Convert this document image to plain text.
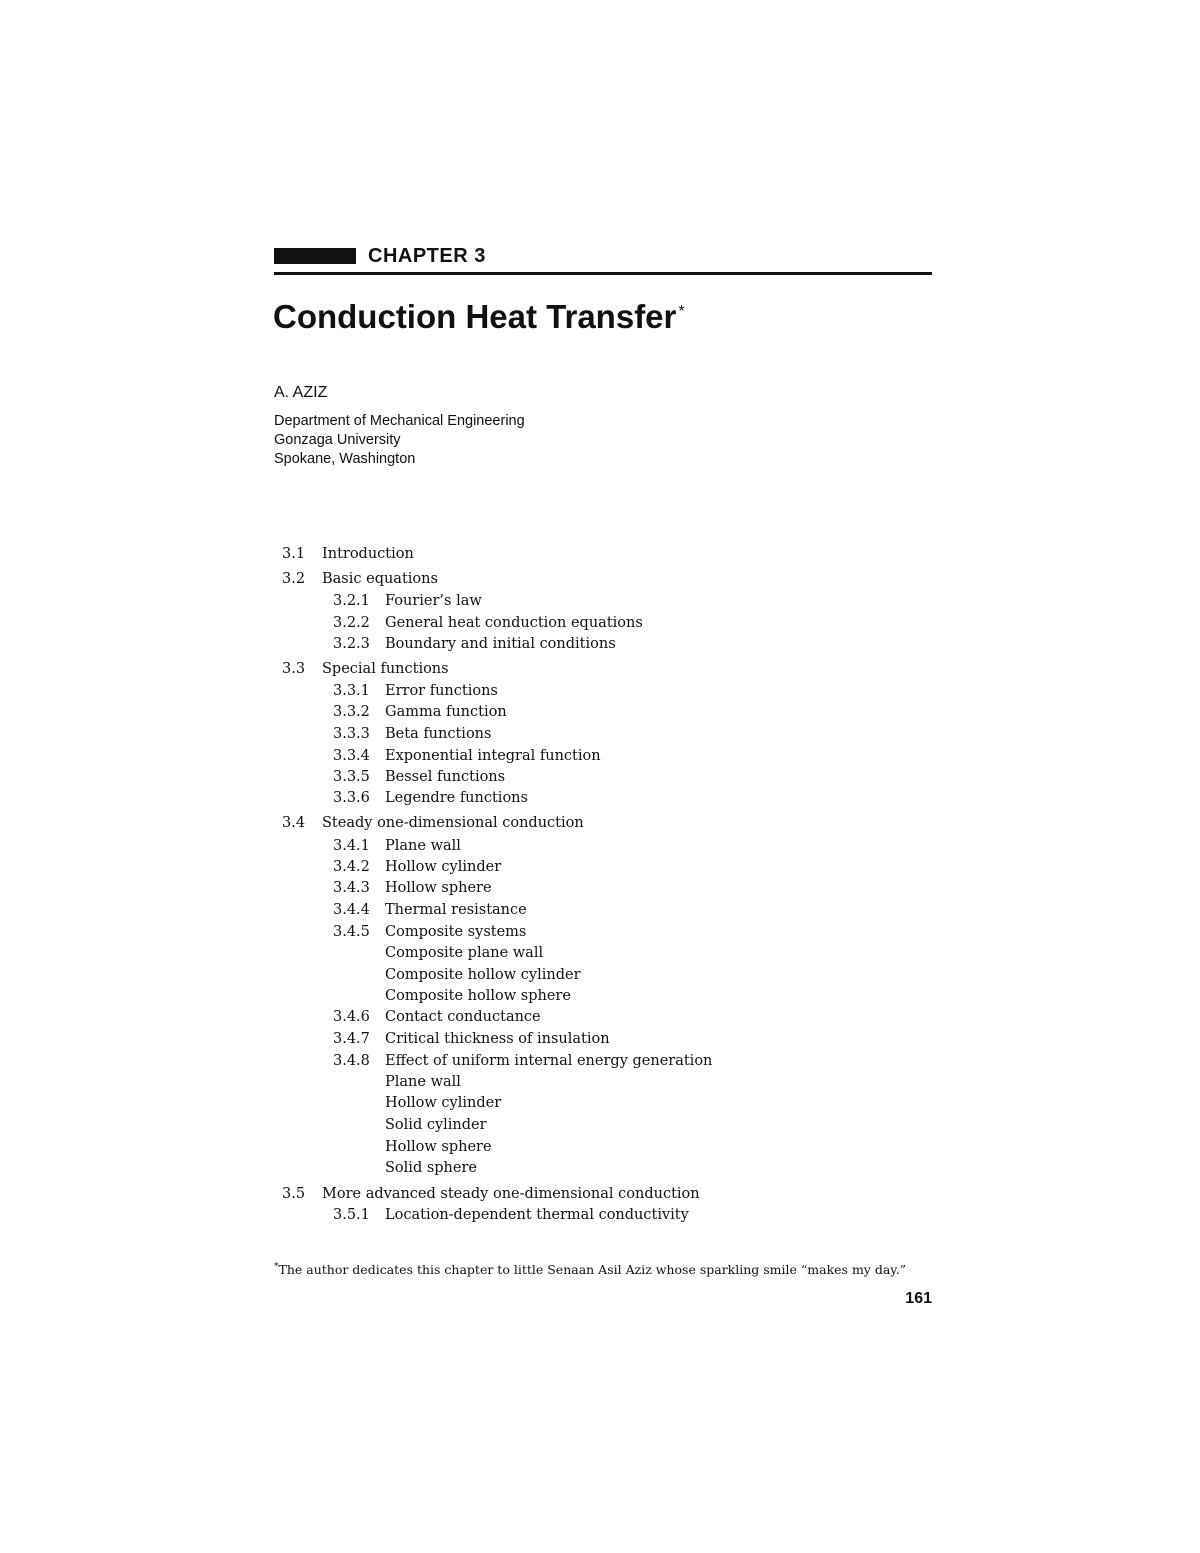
CHAPTER 3
Conduction Heat Transfer *
A. AZIZ
Department of Mechanical Engineering
Gonzaga University
Spokane, Washington
3.1 Introduction
3.2 Basic equations
3.2.1 Fourier’s law
3.2.2 General heat conduction equations
3.2.3 Boundary and initial conditions
3.3 Special functions
3.3.1 Error functions
3.3.2 Gamma function
3.3.3 Beta functions
3.3.4 Exponential integral function
3.3.5 Bessel functions
3.3.6 Legendre functions
3.4 Steady one-dimensional conduction
3.4.1 Plane wall
3.4.2 Hollow cylinder
3.4.3 Hollow sphere
3.4.4 Thermal resistance
3.4.5 Composite systems
Composite plane wall
Composite hollow cylinder
Composite hollow sphere
3.4.6 Contact conductance
3.4.7 Critical thickness of insulation
3.4.8 Effect of uniform internal energy generation
Plane wall
Hollow cylinder
Solid cylinder
Hollow sphere
Solid sphere
3.5 More advanced steady one-dimensional conduction
3.5.1 Location-dependent thermal conductivity
*The author dedicates this chapter to little Senaan Asil Aziz whose sparkling smile “makes my day.”
161
